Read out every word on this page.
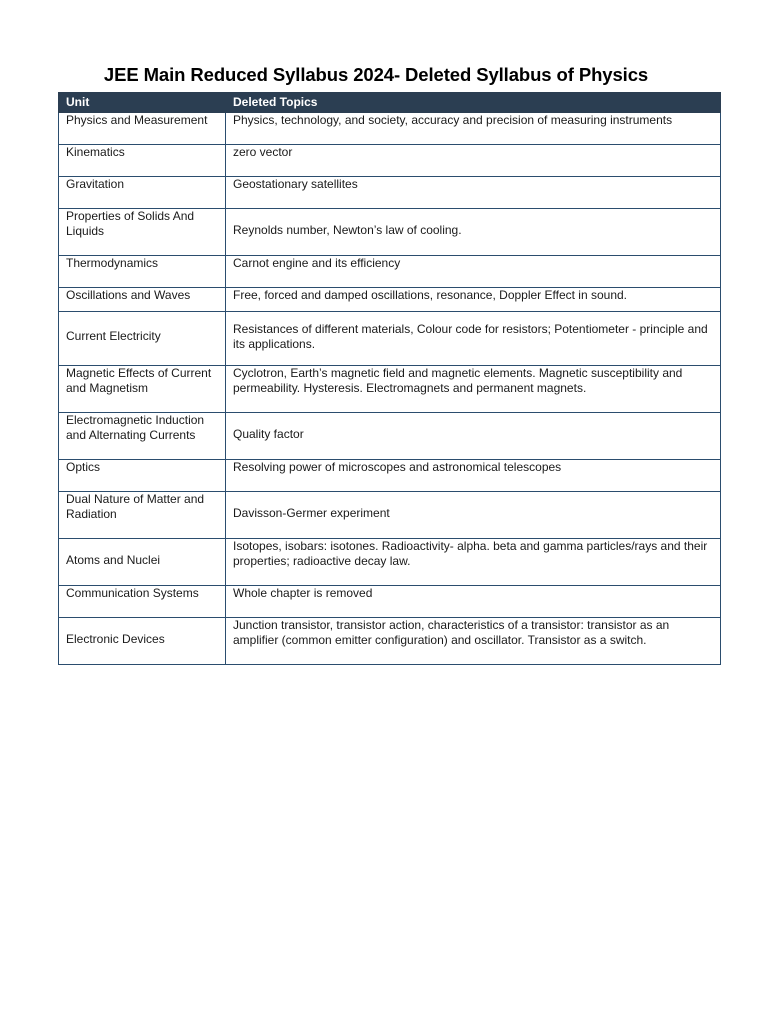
JEE Main Reduced Syllabus 2024- Deleted Syllabus of Physics
Unit	Deleted Topics
Physics and Measurement	Physics, technology, and society, accuracy and precision of measuring instruments
Kinematics	zero vector
Gravitation	Geostationary satellites
Properties of Solids And Liquids	Reynolds number, Newton’s law of cooling.
Thermodynamics	Carnot engine and its efficiency
Oscillations and Waves	Free, forced and damped oscillations, resonance, Doppler Effect in sound.
Current Electricity	Resistances of different materials, Colour code for resistors; Potentiometer - principle and its applications.
Magnetic Effects of Current and Magnetism	Cyclotron, Earth’s magnetic field and magnetic elements. Magnetic susceptibility and permeability. Hysteresis. Electromagnets and permanent magnets.
Electromagnetic Induction and Alternating Currents	Quality factor
Optics	Resolving power of microscopes and astronomical telescopes
Dual Nature of Matter and Radiation	Davisson-Germer experiment
Atoms and Nuclei	Isotopes, isobars: isotones. Radioactivity- alpha. beta and gamma particles/rays and their properties; radioactive decay law.
Communication Systems	Whole chapter is removed
Electronic Devices	Junction transistor, transistor action, characteristics of a transistor: transistor as an amplifier (common emitter configuration) and oscillator. Transistor as a switch.
